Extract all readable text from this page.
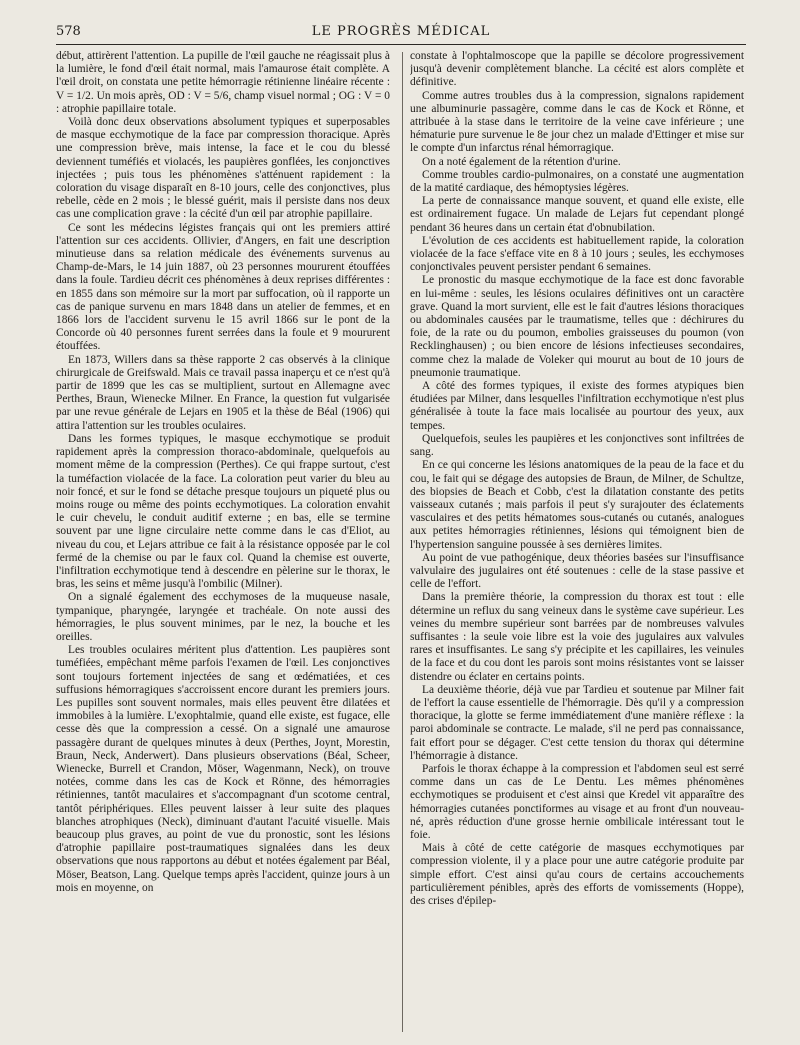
578	LE PROGRÈS MÉDICAL

début, attirèrent l'attention. La pupille de l'œil gauche ne réagissait plus à la lumière, le fond d'œil était normal, mais l'amaurose était complète. A l'œil droit, on constata une petite hémorragie rétinienne linéaire récente : V = 1/2. Un mois après, OD : V = 5/6, champ visuel normal ; OG : V = 0 : atrophie papillaire totale.

Voilà donc deux observations absolument typiques et superposables de masque ecchymotique de la face par compression thoracique. Après une compression brève, mais intense, la face et le cou du blessé deviennent tuméfiés et violacés, les paupières gonflées, les conjonctives injectées ; puis tous les phénomènes s'atténuent rapidement : la coloration du visage disparaît en 8-10 jours, celle des conjonctives, plus rebelle, cède en 2 mois ; le blessé guérit, mais il persiste dans nos deux cas une complication grave : la cécité d'un œil par atrophie papillaire.

Ce sont les médecins légistes français qui ont les premiers attiré l'attention sur ces accidents. Ollivier, d'Angers, en fait une description minutieuse dans sa relation médicale des événements survenus au Champ-de-Mars, le 14 juin 1887, où 23 personnes moururent étouffées dans la foule. Tardieu décrit ces phénomènes à deux reprises différentes : en 1855 dans son mémoire sur la mort par suffocation, où il rapporte un cas de panique survenu en mars 1848 dans un atelier de femmes, et en 1866 lors de l'accident survenu le 15 avril 1866 sur le pont de la Concorde où 40 personnes furent serrées dans la foule et 9 moururent étouffées.

En 1873, Willers dans sa thèse rapporte 2 cas observés à la clinique chirurgicale de Greifswald. Mais ce travail passa inaperçu et ce n'est qu'à partir de 1899 que les cas se multiplient, surtout en Allemagne avec Perthes, Braun, Wienecke Milner. En France, la question fut vulgarisée par une revue générale de Lejars en 1905 et la thèse de Béal (1906) qui attira l'attention sur les troubles oculaires.

Dans les formes typiques, le masque ecchymotique se produit rapidement après la compression thoraco-abdominale, quelquefois au moment même de la compression (Perthes). Ce qui frappe surtout, c'est la tuméfaction violacée de la face. La coloration peut varier du bleu au noir foncé, et sur le fond se détache presque toujours un piqueté plus ou moins rouge ou même des points ecchymotiques. La coloration envahit le cuir chevelu, le conduit auditif externe ; en bas, elle se termine souvent par une ligne circulaire nette comme dans le cas d'Eliot, au niveau du cou, et Lejars attribue ce fait à la résistance opposée par le col fermé de la chemise ou par le faux col. Quand la chemise est ouverte, l'infiltration ecchymotique tend à descendre en pèlerine sur le thorax, le bras, les seins et même jusqu'à l'ombilic (Milner).

On a signalé également des ecchymoses de la muqueuse nasale, tympanique, pharyngée, laryngée et trachéale. On note aussi des hémorragies, le plus souvent minimes, par le nez, la bouche et les oreilles.

Les troubles oculaires méritent plus d'attention. Les paupières sont tuméfiées, empêchant même parfois l'examen de l'œil. Les conjonctives sont toujours fortement injectées de sang et œdématiées, et ces suffusions hémorragiques s'accroissent encore durant les premiers jours. Les pupilles sont souvent normales, mais elles peuvent être dilatées et immobiles à la lumière. L'exophtalmie, quand elle existe, est fugace, elle cesse dès que la compression a cessé. On a signalé une amaurose passagère durant de quelques minutes à deux (Perthes, Joynt, Morestin, Braun, Neck, Anderwert). Dans plusieurs observations (Béal, Scheer, Wienecke, Burrell et Crandon, Möser, Wagenmann, Neck), on trouve notées, comme dans les cas de Kock et Rönne, des hémorragies rétiniennes, tantôt maculaires et s'accompagnant d'un scotome central, tantôt périphériques. Elles peuvent laisser à leur suite des plaques blanches atrophiques (Neck), diminuant d'autant l'acuité visuelle. Mais beaucoup plus graves, au point de vue du pronostic, sont les lésions d'atrophie papillaire post-traumatiques signalées dans les deux observations que nous rapportons au début et notées également par Béal, Möser, Beatson, Lang. Quelque temps après l'accident, quinze jours à un mois en moyenne, on

constate à l'ophtalmoscope que la papille se décolore progressivement jusqu'à devenir complètement blanche. La cécité est alors complète et définitive.

Comme autres troubles dus à la compression, signalons rapidement une albuminurie passagère, comme dans le cas de Kock et Rönne, et attribuée à la stase dans le territoire de la veine cave inférieure ; une hématurie pure survenue le 8e jour chez un malade d'Ettinger et mise sur le compte d'un infarctus rénal hémorragique.

On a noté également de la rétention d'urine.

Comme troubles cardio-pulmonaires, on a constaté une augmentation de la matité cardiaque, des hémoptysies légères.

La perte de connaissance manque souvent, et quand elle existe, elle est ordinairement fugace. Un malade de Lejars fut cependant plongé pendant 36 heures dans un certain état d'obnubilation.

L'évolution de ces accidents est habituellement rapide, la coloration violacée de la face s'efface vite en 8 à 10 jours ; seules, les ecchymoses conjonctivales peuvent persister pendant 6 semaines.

Le pronostic du masque ecchymotique de la face est donc favorable en lui-même : seules, les lésions oculaires définitives ont un caractère grave. Quand la mort survient, elle est le fait d'autres lésions thoraciques ou abdominales causées par le traumatisme, telles que : déchirures du foie, de la rate ou du poumon, embolies graisseuses du poumon (von Recklinghausen) ; ou bien encore de lésions infectieuses secondaires, comme chez la malade de Voleker qui mourut au bout de 10 jours de pneumonie traumatique.

A côté des formes typiques, il existe des formes atypiques bien étudiées par Milner, dans lesquelles l'infiltration ecchymotique n'est plus généralisée à toute la face mais localisée au pourtour des yeux, aux tempes.

Quelquefois, seules les paupières et les conjonctives sont infiltrées de sang.

En ce qui concerne les lésions anatomiques de la peau de la face et du cou, le fait qui se dégage des autopsies de Braun, de Milner, de Schultze, des biopsies de Beach et Cobb, c'est la dilatation constante des petits vaisseaux cutanés ; mais parfois il peut s'y surajouter des éclatements vasculaires et des petits hématomes sous-cutanés ou cutanés, analogues aux petites hémorragies rétiniennes, lésions qui témoignent bien de l'hypertension sanguine poussée à ses dernières limites.

Au point de vue pathogénique, deux théories basées sur l'insuffisance valvulaire des jugulaires ont été soutenues : celle de la stase passive et celle de l'effort.

Dans la première théorie, la compression du thorax est tout : elle détermine un reflux du sang veineux dans le système cave supérieur. Les veines du membre supérieur sont barrées par de nombreuses valvules suffisantes : la seule voie libre est la voie des jugulaires aux valvules rares et insuffisantes. Le sang s'y précipite et les capillaires, les veinules de la face et du cou dont les parois sont moins résistantes vont se laisser distendre ou éclater en certains points.

La deuxième théorie, déjà vue par Tardieu et soutenue par Milner fait de l'effort la cause essentielle de l'hémorragie. Dès qu'il y a compression thoracique, la glotte se ferme immédiatement d'une manière réflexe : la paroi abdominale se contracte. Le malade, s'il ne perd pas connaissance, fait effort pour se dégager. C'est cette tension du thorax qui détermine l'hémorragie à distance.

Parfois le thorax échappe à la compression et l'abdomen seul est serré comme dans un cas de Le Dentu. Les mêmes phénomènes ecchymotiques se produisent et c'est ainsi que Kredel vit apparaître des hémorragies cutanées ponctiformes au visage et au front d'un nouveau-né, après réduction d'une grosse hernie ombilicale intéressant tout le foie.

Mais à côté de cette catégorie de masques ecchymotiques par compression violente, il y a place pour une autre catégorie produite par simple effort. C'est ainsi qu'au cours de certains accouchements particulièrement pénibles, après des efforts de vomissements (Hoppe), des crises d'épilep-
